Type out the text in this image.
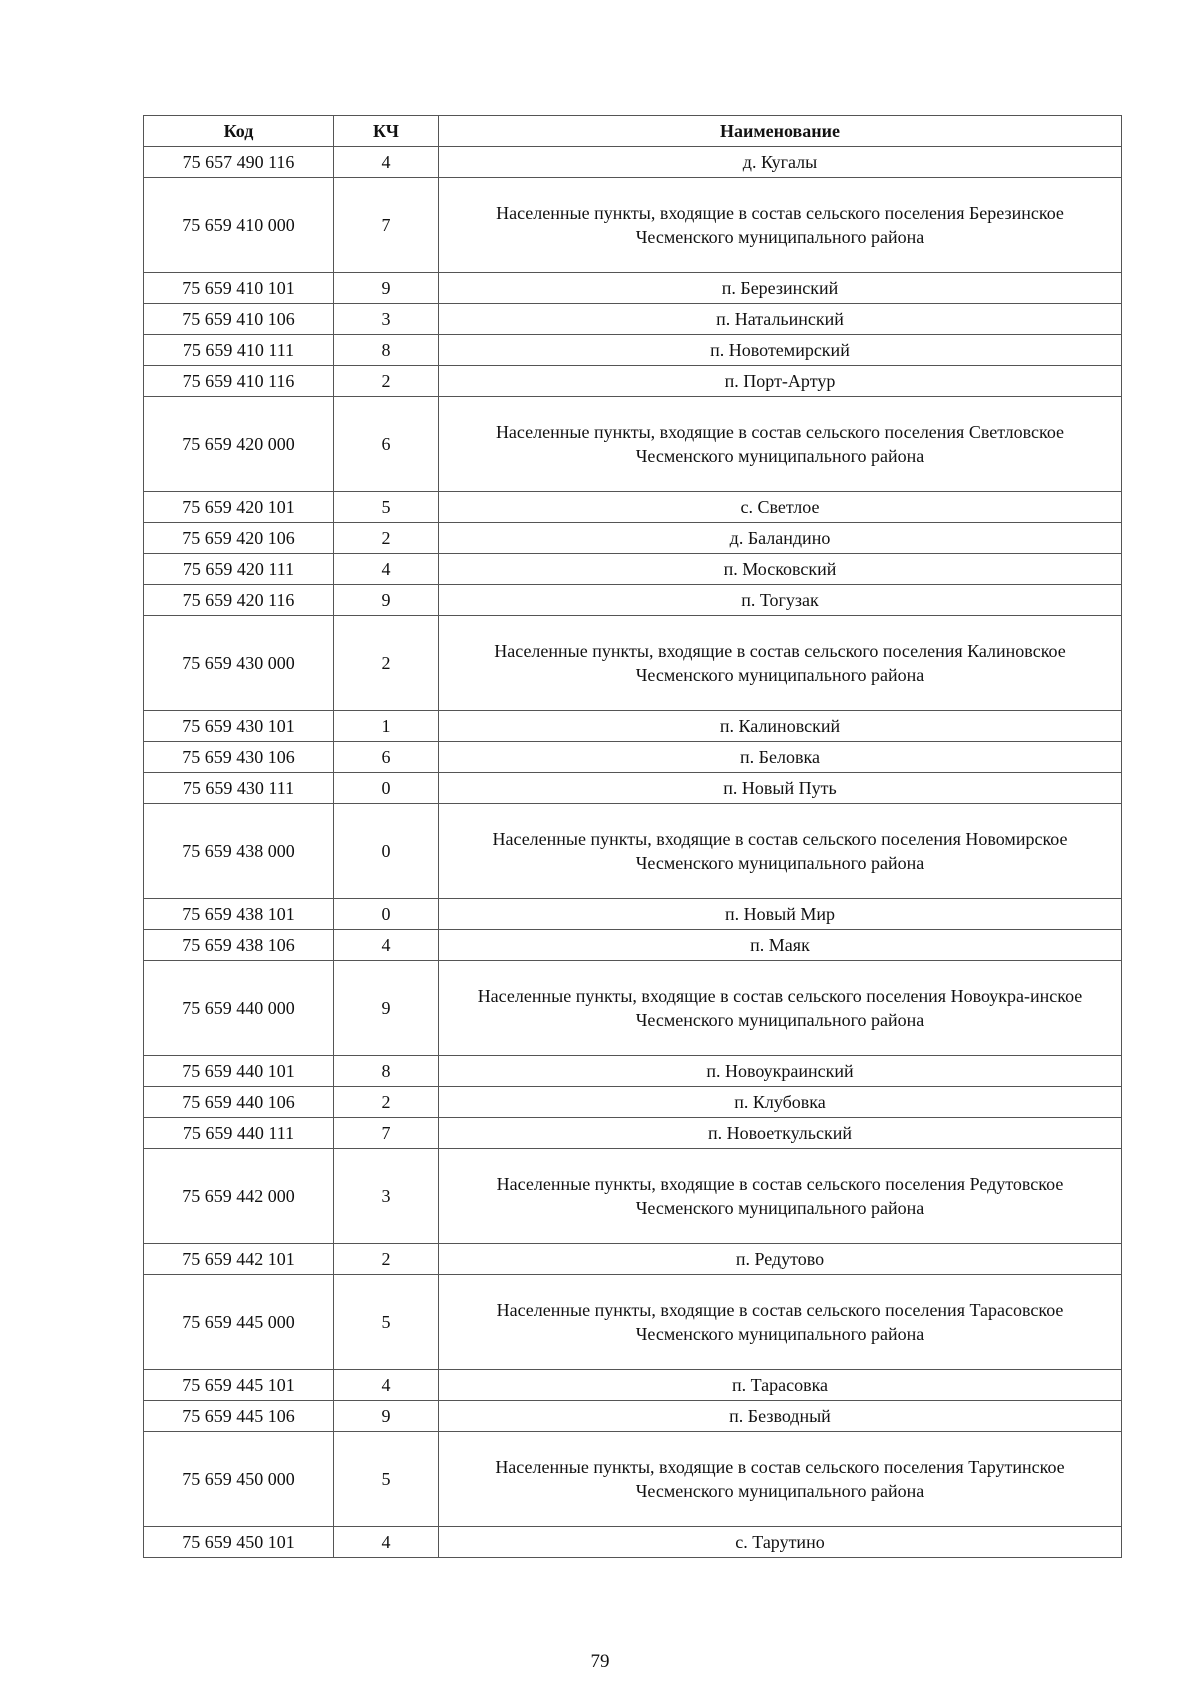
Код	КЧ	Наименование
75 657 490 116	4	д. Кугалы
75 659 410 000	7	Населенные пункты, входящие в состав сельского поселения Березинское Чесменского муниципального района
75 659 410 101	9	п. Березинский
75 659 410 106	3	п. Натальинский
75 659 410 111	8	п. Новотемирский
75 659 410 116	2	п. Порт-Артур
75 659 420 000	6	Населенные пункты, входящие в состав сельского поселения Светловское Чесменского муниципального района
75 659 420 101	5	с. Светлое
75 659 420 106	2	д. Баландино
75 659 420 111	4	п. Московский
75 659 420 116	9	п. Тогузак
75 659 430 000	2	Населенные пункты, входящие в состав сельского поселения Калиновское Чесменского муниципального района
75 659 430 101	1	п. Калиновский
75 659 430 106	6	п. Беловка
75 659 430 111	0	п. Новый Путь
75 659 438 000	0	Населенные пункты, входящие в состав сельского поселения Новомирское Чесменского муниципального района
75 659 438 101	0	п. Новый Мир
75 659 438 106	4	п. Маяк
75 659 440 000	9	Населенные пункты, входящие в состав сельского поселения Новоукра-инское Чесменского муниципального района
75 659 440 101	8	п. Новоукраинский
75 659 440 106	2	п. Клубовка
75 659 440 111	7	п. Новоеткульский
75 659 442 000	3	Населенные пункты, входящие в состав сельского поселения Редутовское Чесменского муниципального района
75 659 442 101	2	п. Редутово
75 659 445 000	5	Населенные пункты, входящие в состав сельского поселения Тарасовское Чесменского муниципального района
75 659 445 101	4	п. Тарасовка
75 659 445 106	9	п. Безводный
75 659 450 000	5	Населенные пункты, входящие в состав сельского поселения Тарутинское Чесменского муниципального района
75 659 450 101	4	с. Тарутино
79
